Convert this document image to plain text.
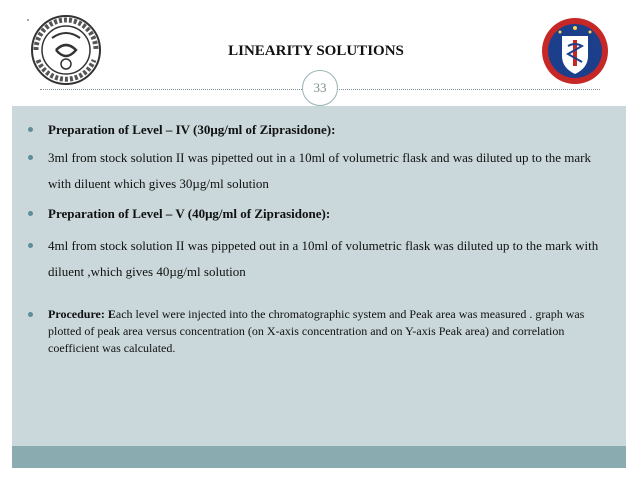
LINEARITY SOLUTIONS
33
Preparation of Level – IV (30μg/ml of Ziprasidone):
3ml from stock solution II was pipetted out in a 10ml of volumetric flask and was diluted up to the mark with diluent which gives 30µg/ml solution
Preparation of Level – V (40μg/ml of Ziprasidone):
4ml from stock solution II was pippeted out in a 10ml of volumetric flask was diluted up to the mark with diluent ,which gives 40µg/ml solution
Procedure: Each level were injected into the chromatographic system and Peak area was measured . graph was plotted of peak area versus concentration (on X-axis concentration and on Y-axis Peak area) and correlation coefficient was calculated.
